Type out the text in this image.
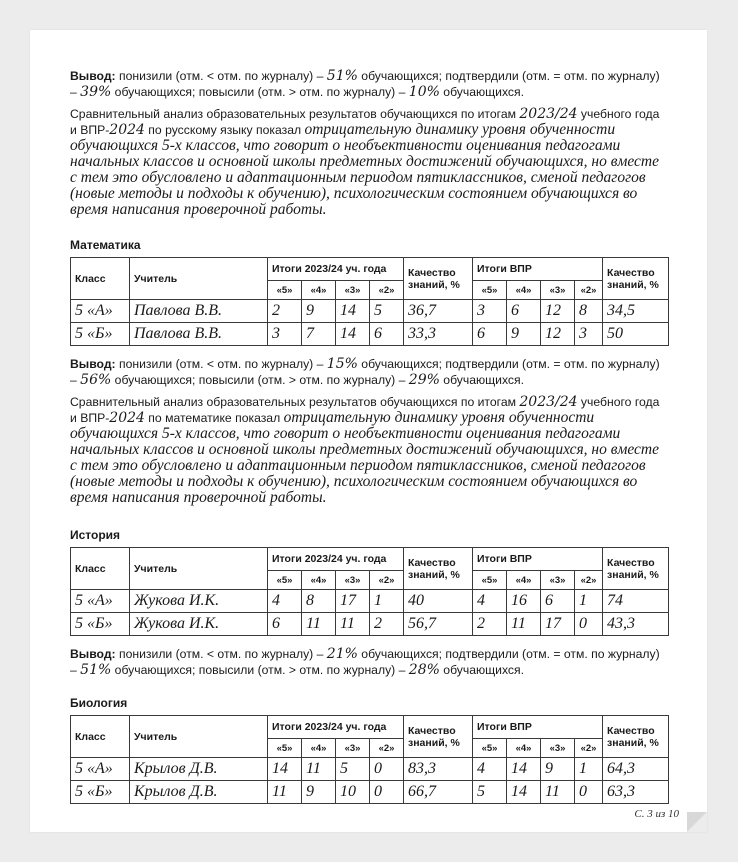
Вывод: понизили (отм. < отм. по журналу) – 51% обучающихся; подтвердили (отм. = отм. по журналу) – 39% обучающихся; повысили (отм. > отм. по журналу) – 10% обучающихся.

Сравнительный анализ образовательных результатов обучающихся по итогам 2023/24 учебного года и ВПР-2024 по русскому языку показал отрицательную динамику уровня обученности обучающихся 5-х классов, что говорит о необъективности оценивания педагогами начальных классов и основной школы предметных достижений обучающихся, но вместе с тем это обусловлено и адаптационным периодом пятиклассников, сменой педагогов (новые методы и подходы к обучению), психологическим состоянием обучающихся во время написания проверочной работы.

Математика

Класс	Учитель	Итоги 2023/24 уч. года				Качество знаний, %	Итоги ВПР				Качество знаний, %
		«5»	«4»	«3»	«2»		«5»	«4»	«3»	«2»	
5 «А»	Павлова В.В.	2	9	14	5	36,7	3	6	12	8	34,5
5 «Б»	Павлова В.В.	3	7	14	6	33,3	6	9	12	3	50

Вывод: понизили (отм. < отм. по журналу) – 15% обучающихся; подтвердили (отм. = отм. по журналу) – 56% обучающихся; повысили (отм. > отм. по журналу) – 29% обучающихся.

Сравнительный анализ образовательных результатов обучающихся по итогам 2023/24 учебного года и ВПР-2024 по математике показал отрицательную динамику уровня обученности обучающихся 5-х классов, что говорит о необъективности оценивания педагогами начальных классов и основной школы предметных достижений обучающихся, но вместе с тем это обусловлено и адаптационным периодом пятиклассников, сменой педагогов (новые методы и подходы к обучению), психологическим состоянием обучающихся во время написания проверочной работы.

История

Класс	Учитель	Итоги 2023/24 уч. года				Качество знаний, %	Итоги ВПР				Качество знаний, %
		«5»	«4»	«3»	«2»		«5»	«4»	«3»	«2»	
5 «А»	Жукова И.К.	4	8	17	1	40	4	16	6	1	74
5 «Б»	Жукова И.К.	6	11	11	2	56,7	2	11	17	0	43,3

Вывод: понизили (отм. < отм. по журналу) – 21% обучающихся; подтвердили (отм. = отм. по журналу) – 51% обучающихся; повысили (отм. > отм. по журналу) – 28% обучающихся.

Биология

Класс	Учитель	Итоги 2023/24 уч. года				Качество знаний, %	Итоги ВПР				Качество знаний, %
		«5»	«4»	«3»	«2»		«5»	«4»	«3»	«2»	
5 «А»	Крылов Д.В.	14	11	5	0	83,3	4	14	9	1	64,3
5 «Б»	Крылов Д.В.	11	9	10	0	66,7	5	14	11	0	63,3
С. 3 из 10
